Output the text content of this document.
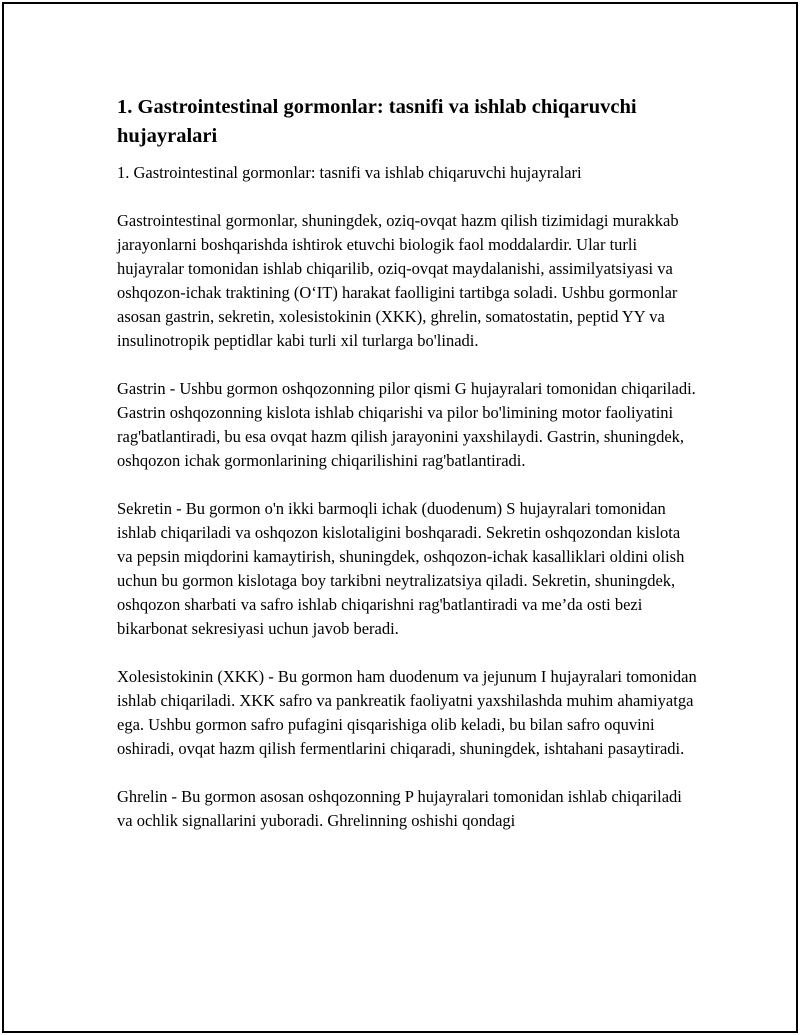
1. Gastrointestinal gormonlar: tasnifi va ishlab chiqaruvchi hujayralari
1. Gastrointestinal gormonlar: tasnifi va ishlab chiqaruvchi hujayralari
Gastrointestinal gormonlar, shuningdek, oziq-ovqat hazm qilish tizimidagi murakkab jarayonlarni boshqarishda ishtirok etuvchi biologik faol moddalardir. Ular turli hujayralar tomonidan ishlab chiqarilib, oziq-ovqat maydalanishi, assimilyatsiyasi va oshqozon-ichak traktining (O‘IT) harakat faolligini tartibga soladi. Ushbu gormonlar asosan gastrin, sekretin, xolesistokinin (XKK), ghrelin, somatostatin, peptid YY va insulinotropik peptidlar kabi turli xil turlarga bo'linadi.
Gastrin - Ushbu gormon oshqozonning pilor qismi G hujayralari tomonidan chiqariladi. Gastrin oshqozonning kislota ishlab chiqarishi va pilor bo'limining motor faoliyatini rag'batlantiradi, bu esa ovqat hazm qilish jarayonini yaxshilaydi. Gastrin, shuningdek, oshqozon ichak gormonlarining chiqarilishini rag'batlantiradi.
Sekretin - Bu gormon o'n ikki barmoqli ichak (duodenum) S hujayralari tomonidan ishlab chiqariladi va oshqozon kislotaligini boshqaradi. Sekretin oshqozondan kislota va pepsin miqdorini kamaytirish, shuningdek, oshqozon-ichak kasalliklari oldini olish uchun bu gormon kislotaga boy tarkibni neytralizatsiya qiladi. Sekretin, shuningdek, oshqozon sharbati va safro ishlab chiqarishni rag'batlantiradi va me’da osti bezi bikarbonat sekresiyasi uchun javob beradi.
Xolesistokinin (XKK) - Bu gormon ham duodenum va jejunum I hujayralari tomonidan ishlab chiqariladi. XKK safro va pankreatik faoliyatni yaxshilashda muhim ahamiyatga ega. Ushbu gormon safro pufagini qisqarishiga olib keladi, bu bilan safro oquvini oshiradi, ovqat hazm qilish fermentlarini chiqaradi, shuningdek, ishtahani pasaytiradi.
Ghrelin - Bu gormon asosan oshqozonning P hujayralari tomonidan ishlab chiqariladi va ochlik signallarini yuboradi. Ghrelinning oshishi qondagi
